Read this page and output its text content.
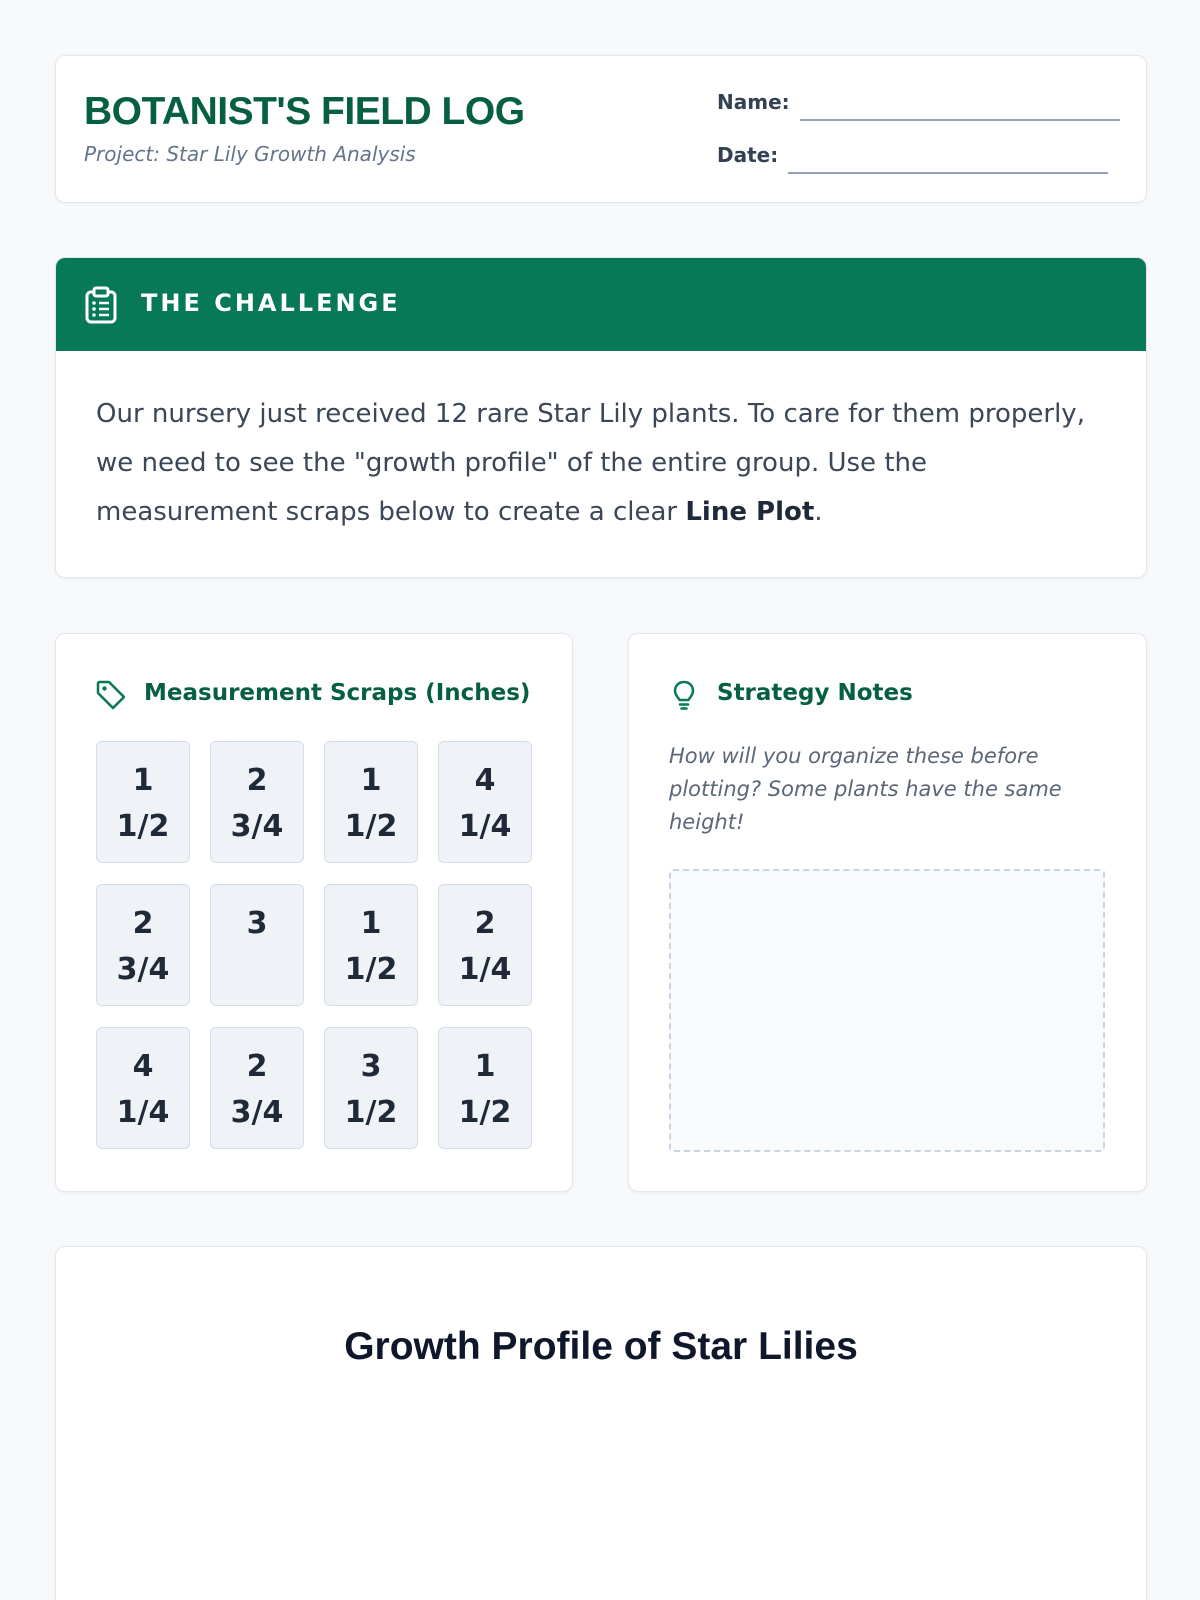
BOTANIST'S FIELD LOG
Project: Star Lily Growth Analysis
Name:
Date:
THE CHALLENGE
Our nursery just received 12 rare Star Lily plants. To care for them properly, we need to see the "growth profile" of the entire group. Use the measurement scraps below to create a clear Line Plot.
Measurement Scraps (Inches)
1
1/2
2
3/4
1
1/2
4
1/4
2
3/4
3	1
1/2
2
1/4
4
1/4
2
3/4
3
1/2
1
1/2
Strategy Notes
How will you organize these before plotting? Some plants have the same height!
Growth Profile of Star Lilies
